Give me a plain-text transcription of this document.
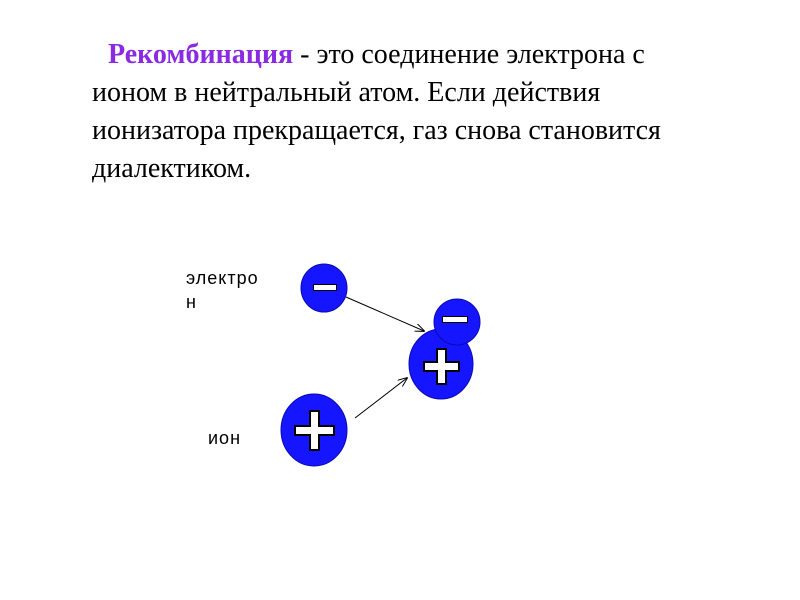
Рекомбинация - это соединение электрона с
ионом в нейтральный атом. Если действия
ионизатора прекращается, газ снова становится
диалектиком.

электро
н
ион
